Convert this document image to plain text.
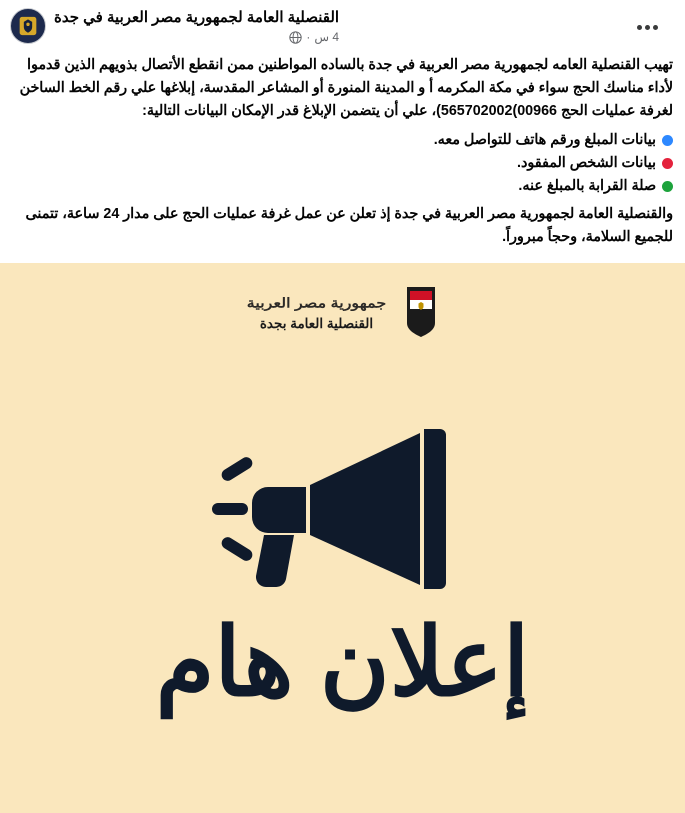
القنصلية العامة لجمهورية مصر العربية في جدة
4 س
·

تهيب القنصلية العامه لجمهورية مصر العربية في جدة بالساده المواطنين ممن انقطع الأتصال بذويهم الذين قدموا لأداء مناسك الحج سواء في مكة المكرمه أ و المدينة المنورة أو المشاعر المقدسة، إبلاغها علي رقم الخط الساخن لغرفة عمليات الحج 00966)565702002)، علي أن يتضمن الإبلاغ قدر الإمكان البيانات التالية:

بيانات المبلغ ورقم هاتف للتواصل معه.
بيانات الشخص المفقود.
صلة القرابة بالمبلغ عنه.

والقنصلية العامة لجمهورية مصر العربية في جدة إذ تعلن عن عمل غرفة عمليات الحج على مدار 24 ساعة، تتمنى للجميع السلامة، وحجاً مبروراً.

جمهورية مصر العربية
القنصلية العامة بجدة
إعلان هام
